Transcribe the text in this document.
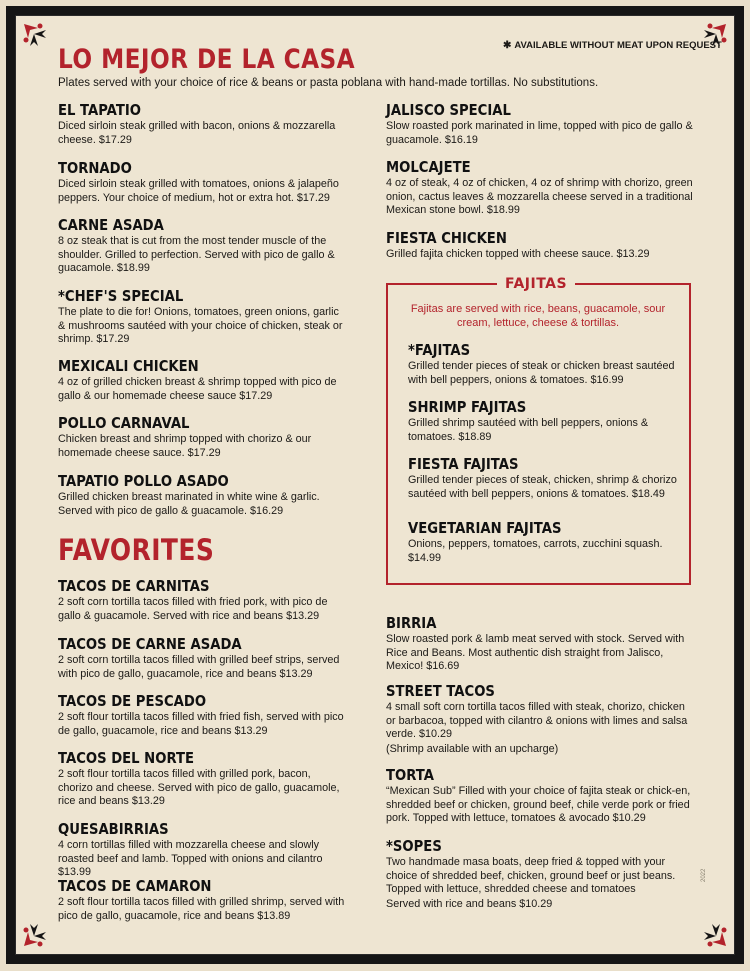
LO MEJOR DE LA CASA	✱ AVAILABLE WITHOUT MEAT UPON REQUEST
Plates served with your choice of rice & beans or pasta poblana with hand-made tortillas. No substitutions.
EL TAPATIO
Diced sirloin steak grilled with bacon, onions & mozzarella cheese. $17.29
TORNADO
Diced sirloin steak grilled with tomatoes, onions & jalapeño peppers. Your choice of medium, hot or extra hot. $17.29
CARNE ASADA
8 oz steak that is cut from the most tender muscle of the shoulder. Grilled to perfection. Served with pico de gallo & guacamole. $18.99
*CHEF'S SPECIAL
The plate to die for! Onions, tomatoes, green onions, garlic & mushrooms sautéed with your choice of chicken, steak or shrimp. $17.29
MEXICALI CHICKEN
4 oz of grilled chicken breast & shrimp topped with pico de gallo & our homemade cheese sauce $17.29
POLLO CARNAVAL
Chicken breast and shrimp topped with chorizo & our homemade cheese sauce. $17.29
TAPATIO POLLO ASADO
Grilled chicken breast marinated in white wine & garlic. Served with pico de gallo & guacamole. $16.29
JALISCO SPECIAL
Slow roasted pork marinated in lime, topped with pico de gallo & guacamole. $16.19
MOLCAJETE
4 oz of steak, 4 oz of chicken, 4 oz of shrimp with chorizo, green onion, cactus leaves & mozzarella cheese served in a traditional Mexican stone bowl. $18.99
FIESTA CHICKEN
Grilled fajita chicken topped with cheese sauce. $13.29
FAJITAS
Fajitas are served with rice, beans, guacamole, sour cream, lettuce, cheese & tortillas.
*FAJITAS
Grilled tender pieces of steak or chicken breast sautéed with bell peppers, onions & tomatoes. $16.99
SHRIMP FAJITAS
Grilled shrimp sautéed with bell peppers, onions & tomatoes. $18.89
FIESTA FAJITAS
Grilled tender pieces of steak, chicken, shrimp & chorizo sautéed with bell peppers, onions & tomatoes. $18.49
VEGETARIAN FAJITAS
Onions, peppers, tomatoes, carrots, zucchini squash. $14.99
FAVORITES
TACOS DE CARNITAS
2 soft corn tortilla tacos filled with fried pork, with pico de gallo & guacamole. Served with rice and beans $13.29
TACOS DE CARNE ASADA
2 soft corn tortilla tacos filled with grilled beef strips, served with pico de gallo, guacamole, rice and beans $13.29
TACOS DE PESCADO
2 soft flour tortilla tacos filled with fried fish, served with pico de gallo, guacamole, rice and beans $13.29
TACOS DEL NORTE
2 soft flour tortilla tacos filled with grilled pork, bacon, chorizo and cheese. Served with pico de gallo, guacamole, rice and beans $13.29
QUESABIRRIAS
4 corn tortillas filled with mozzarella cheese and slowly roasted beef and lamb. Topped with onions and cilantro $13.99
TACOS DE CAMARON
2 soft flour tortilla tacos filled with grilled shrimp, served with pico de gallo, guacamole, rice and beans $13.89
BIRRIA
Slow roasted pork & lamb meat served with stock. Served with Rice and Beans. Most authentic dish straight from Jalisco, Mexico! $16.69
STREET TACOS
4 small soft corn tortilla tacos filled with steak, chorizo, chicken or barbacoa, topped with cilantro & onions with limes and salsa verde. $10.29
(Shrimp available with an upcharge)
TORTA
“Mexican Sub” Filled with your choice of fajita steak or chick-en, shredded beef or chicken, ground beef, chile verde pork or fried pork. Topped with lettuce, tomatoes & avocado $10.29
*SOPES
Two handmade masa boats, deep fried & topped with your choice of shredded beef, chicken, ground beef or just beans. Topped with lettuce, shredded cheese and tomatoes
Served with rice and beans $10.29
2022
